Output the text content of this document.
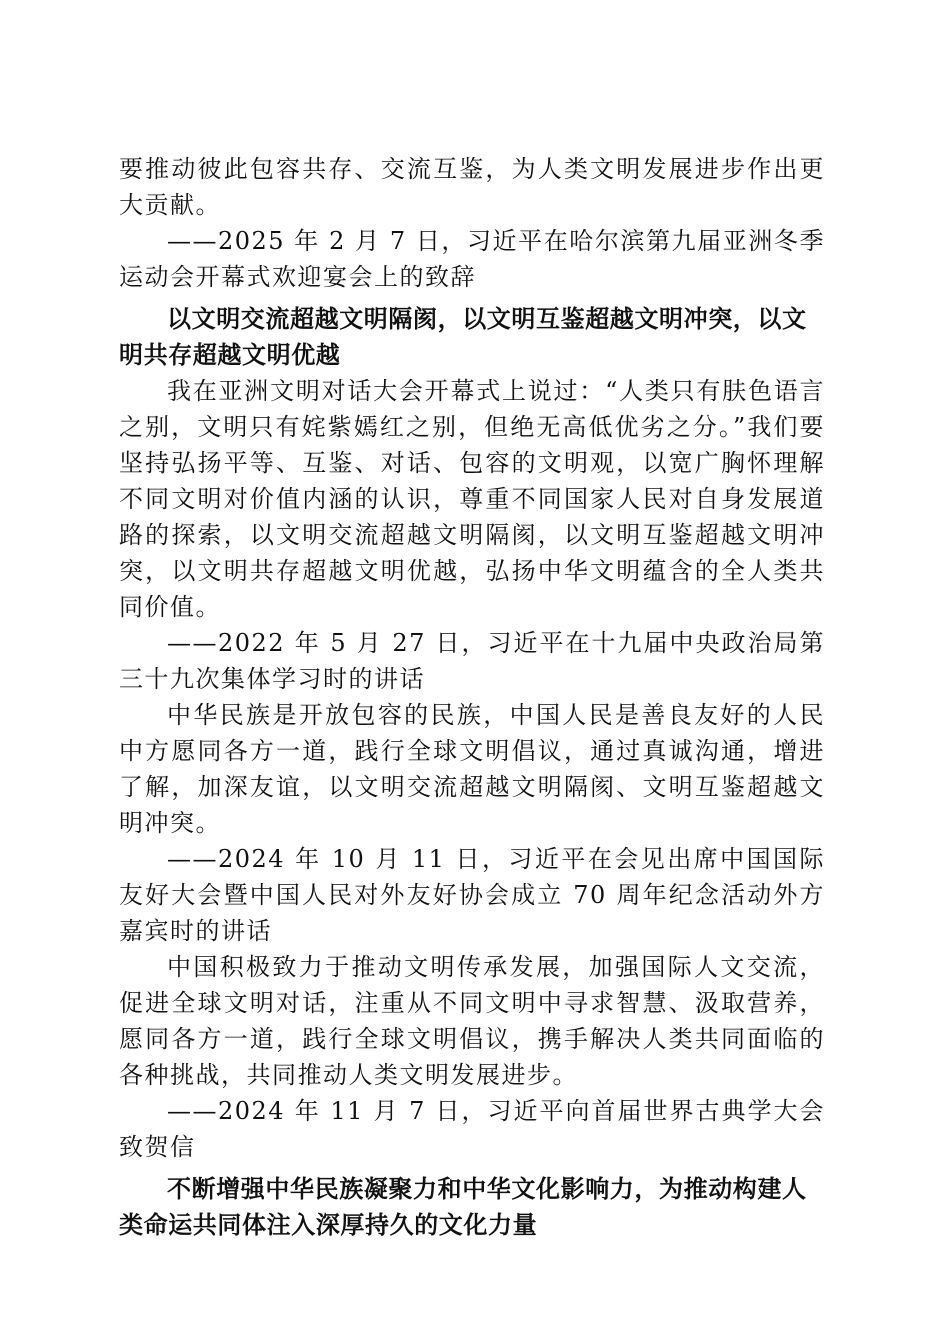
要推动彼此包容共存、交流互鉴，为人类文明发展进步作出更大贡献。

——2025 年 2 月 7 日，习近平在哈尔滨第九届亚洲冬季运动会开幕式欢迎宴会上的致辞

以文明交流超越文明隔阂，以文明互鉴超越文明冲突，以文明共存超越文明优越

我在亚洲文明对话大会开幕式上说过：“人类只有肤色语言之别，文明只有姹紫嫣红之别，但绝无高低优劣之分。”我们要坚持弘扬平等、互鉴、对话、包容的文明观，以宽广胸怀理解不同文明对价值内涵的认识，尊重不同国家人民对自身发展道路的探索，以文明交流超越文明隔阂，以文明互鉴超越文明冲突，以文明共存超越文明优越，弘扬中华文明蕴含的全人类共同价值。

——2022 年 5 月 27 日，习近平在十九届中央政治局第三十九次集体学习时的讲话

中华民族是开放包容的民族，中国人民是善良友好的人民中方愿同各方一道，践行全球文明倡议，通过真诚沟通，增进了解，加深友谊，以文明交流超越文明隔阂、文明互鉴超越文明冲突。

——2024 年 10 月 11 日，习近平在会见出席中国国际友好大会暨中国人民对外友好协会成立 70 周年纪念活动外方嘉宾时的讲话

中国积极致力于推动文明传承发展，加强国际人文交流，促进全球文明对话，注重从不同文明中寻求智慧、汲取营养，愿同各方一道，践行全球文明倡议，携手解决人类共同面临的各种挑战，共同推动人类文明发展进步。

——2024 年 11 月 7 日，习近平向首届世界古典学大会致贺信

不断增强中华民族凝聚力和中华文化影响力，为推动构建人类命运共同体注入深厚持久的文化力量
